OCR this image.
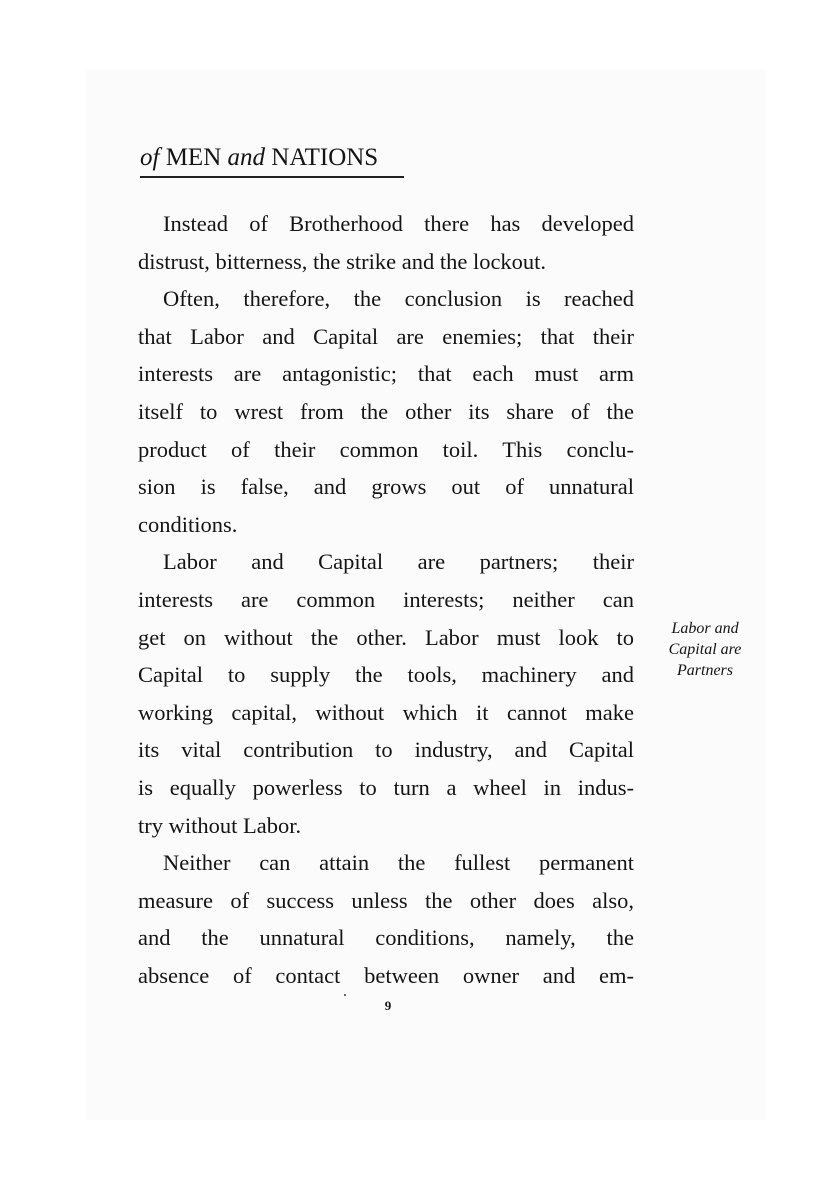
of MEN and NATIONS
Instead of Brotherhood there has developed
distrust, bitterness, the strike and the lockout.
Often, therefore, the conclusion is reached
that Labor and Capital are enemies; that their
interests are antagonistic; that each must arm
itself to wrest from the other its share of the
product of their common toil. This conclu-
sion is false, and grows out of unnatural
conditions.
Labor and Capital are partners; their
interests are common interests; neither can
get on without the other. Labor must look to
Capital to supply the tools, machinery and
working capital, without which it cannot make
its vital contribution to industry, and Capital
is equally powerless to turn a wheel in indus-
try without Labor.
Neither can attain the fullest permanent
measure of success unless the other does also,
and the unnatural conditions, namely, the
absence of contact between owner and em-
Labor and
Capital are
Partners
9
